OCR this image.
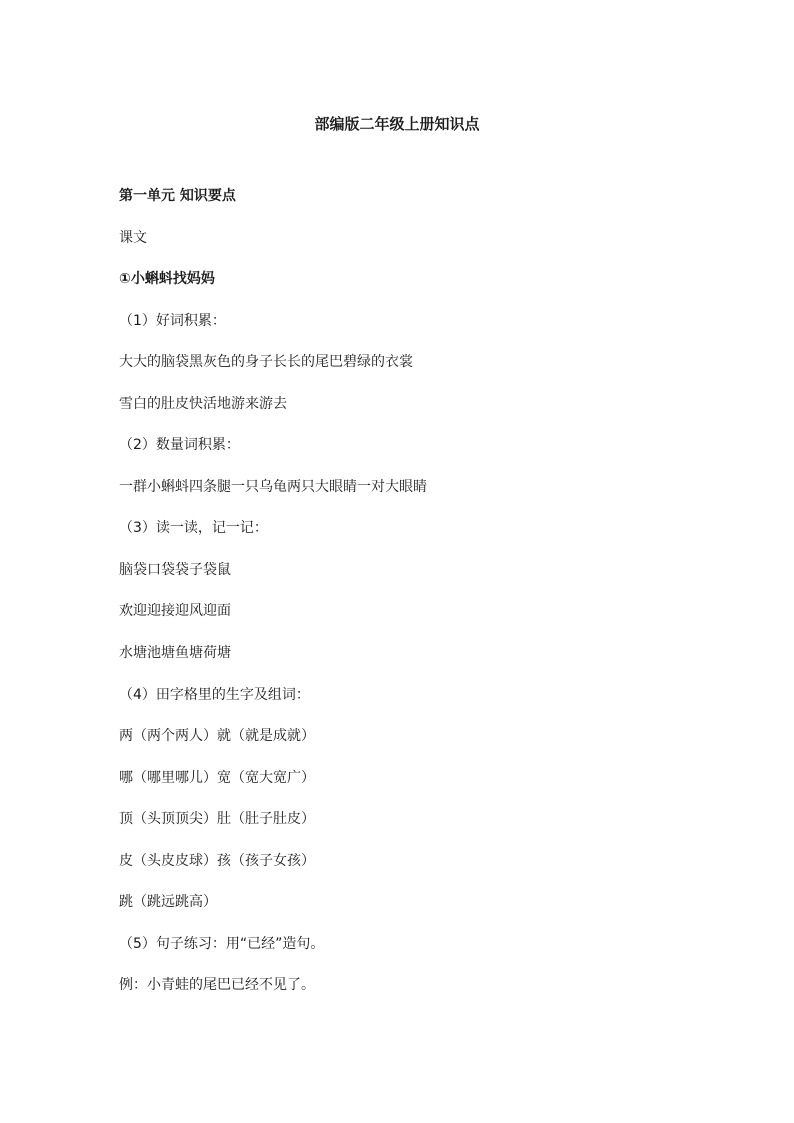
部编版二年级上册知识点
第一单元 知识要点
课文
①小蝌蚪找妈妈
（1）好词积累：
大大的脑袋黑灰色的身子长长的尾巴碧绿的衣裳
雪白的肚皮快活地游来游去
（2）数量词积累：
一群小蝌蚪四条腿一只乌龟两只大眼睛一对大眼睛
（3）读一读，记一记：
脑袋口袋袋子袋鼠
欢迎迎接迎风迎面
水塘池塘鱼塘荷塘
（4）田字格里的生字及组词：
两（两个两人）就（就是成就）
哪（哪里哪儿）宽（宽大宽广）
顶（头顶顶尖）肚（肚子肚皮）
皮（头皮皮球）孩（孩子女孩）
跳（跳远跳高）
（5）句子练习：用“已经”造句。
例：小青蛙的尾巴已经不见了。
